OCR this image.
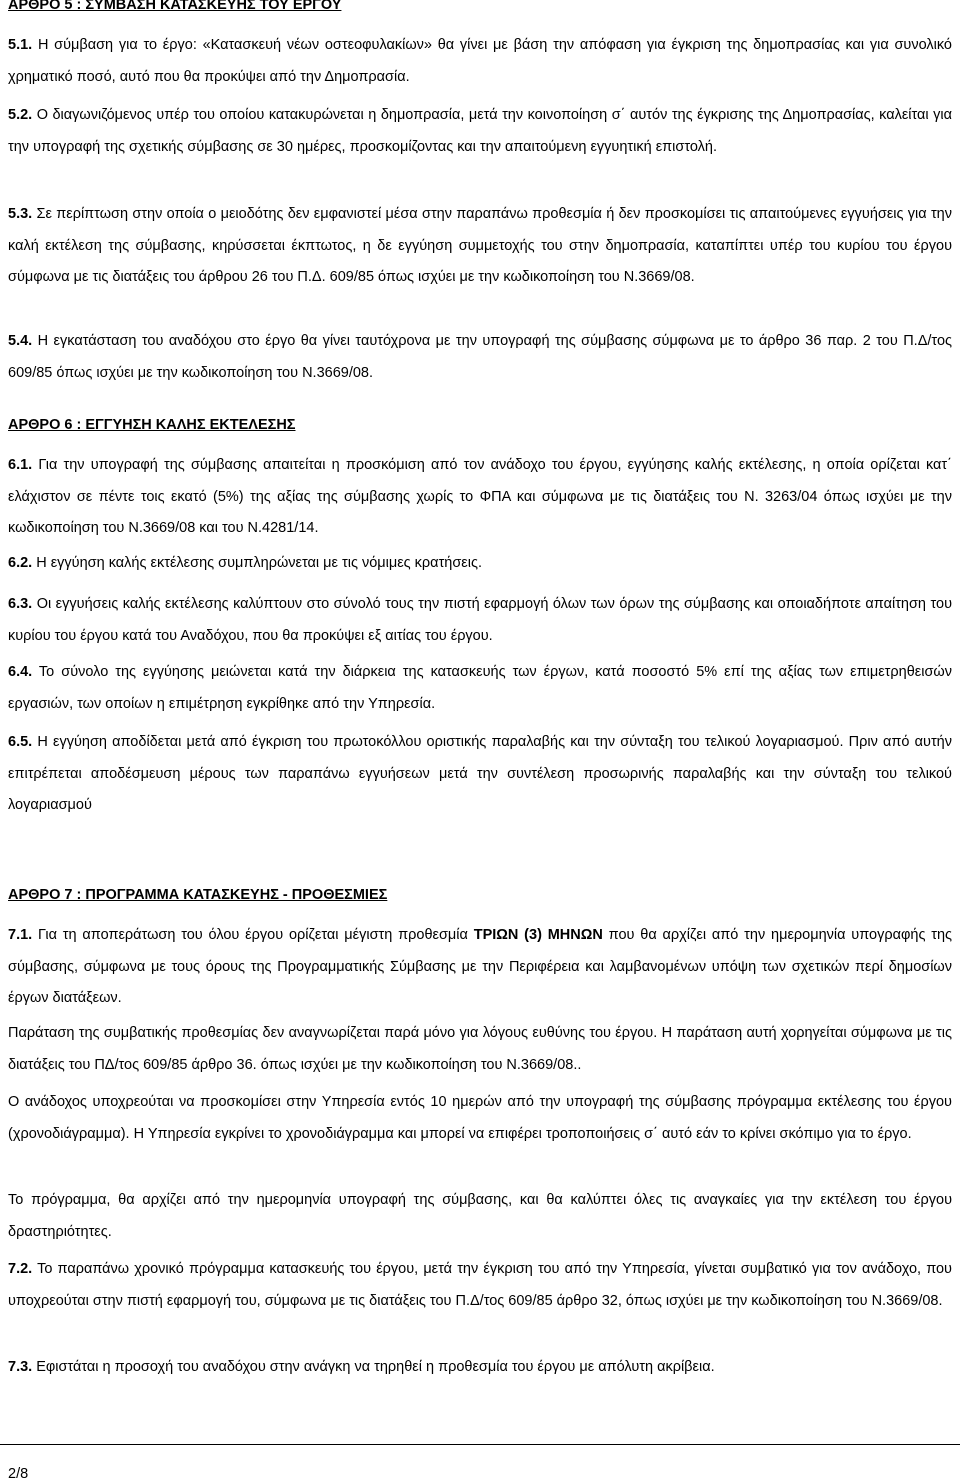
ΑΡΘΡΟ 5 : ΣΥΜΒΑΣΗ ΚΑΤΑΣΚΕΥΗΣ ΤΟΥ ΕΡΓΟΥ

5.1. Η σύμβαση για το έργο: «Κατασκευή νέων οστεοφυλακίων» θα γίνει με βάση την απόφαση για έγκριση της δημοπρασίας και για συνολικό χρηματικό ποσό, αυτό που θα προκύψει από την Δημοπρασία.

5.2. Ο διαγωνιζόμενος υπέρ του οποίου κατακυρώνεται η δημοπρασία, μετά την κοινοποίηση σ΄ αυτόν της έγκρισης της Δημοπρασίας, καλείται για την υπογραφή της σχετικής σύμβασης σε 30 ημέρες, προσκομίζοντας και την απαιτούμενη εγγυητική επιστολή.

5.3. Σε περίπτωση στην οποία ο μειοδότης δεν εμφανιστεί μέσα στην παραπάνω προθεσμία ή δεν προσκομίσει τις απαιτούμενες εγγυήσεις για την καλή εκτέλεση της σύμβασης, κηρύσσεται έκπτωτος, η δε εγγύηση συμμετοχής του στην δημοπρασία, καταπίπτει υπέρ του κυρίου του έργου σύμφωνα με τις διατάξεις του άρθρου 26 του Π.Δ. 609/85 όπως ισχύει με την κωδικοποίηση του Ν.3669/08.

5.4. Η εγκατάσταση του αναδόχου στο έργο θα γίνει ταυτόχρονα με την υπογραφή της σύμβασης σύμφωνα με το άρθρο 36 παρ. 2 του Π.Δ/τος 609/85 όπως ισχύει με την κωδικοποίηση του Ν.3669/08.

ΑΡΘΡΟ 6 : ΕΓΓΥΗΣΗ ΚΑΛΗΣ ΕΚΤΕΛΕΣΗΣ

6.1. Για την υπογραφή της σύμβασης απαιτείται η προσκόμιση από τον ανάδοχο του έργου, εγγύησης καλής εκτέλεσης, η οποία ορίζεται κατ΄ ελάχιστον σε πέντε τοις εκατό (5%) της αξίας της σύμβασης χωρίς το ΦΠΑ και σύμφωνα με τις διατάξεις του Ν. 3263/04 όπως ισχύει με την κωδικοποίηση του Ν.3669/08 και του Ν.4281/14.

6.2. Η εγγύηση καλής εκτέλεσης συμπληρώνεται με τις νόμιμες κρατήσεις.

6.3. Οι εγγυήσεις καλής εκτέλεσης καλύπτουν στο σύνολό τους την πιστή εφαρμογή όλων των όρων της σύμβασης και οποιαδήποτε απαίτηση του κυρίου του έργου κατά του Αναδόχου, που θα προκύψει εξ αιτίας του έργου.

6.4. Το σύνολο της εγγύησης μειώνεται κατά την διάρκεια της κατασκευής των έργων, κατά ποσοστό 5% επί της αξίας των επιμετρηθεισών εργασιών, των οποίων η επιμέτρηση εγκρίθηκε από την Υπηρεσία.

6.5. Η εγγύηση αποδίδεται μετά από έγκριση του πρωτοκόλλου οριστικής παραλαβής και την σύνταξη του τελικού λογαριασμού. Πριν από αυτήν επιτρέπεται αποδέσμευση μέρους των παραπάνω εγγυήσεων μετά την συντέλεση προσωρινής παραλαβής και την σύνταξη του τελικού λογαριασμού

ΑΡΘΡΟ 7 : ΠΡΟΓΡΑΜΜΑ ΚΑΤΑΣΚΕΥΗΣ - ΠΡΟΘΕΣΜΙΕΣ

7.1. Για τη αποπεράτωση του όλου έργου ορίζεται μέγιστη προθεσμία ΤΡΙΩΝ (3) ΜΗΝΩΝ που θα αρχίζει από την ημερομηνία υπογραφής της σύμβασης, σύμφωνα με τους όρους της Προγραμματικής Σύμβασης με την Περιφέρεια και λαμβανομένων υπόψη των σχετικών περί δημοσίων έργων διατάξεων.

Παράταση της συμβατικής προθεσμίας δεν αναγνωρίζεται παρά μόνο για λόγους ευθύνης του έργου. Η παράταση αυτή χορηγείται σύμφωνα με τις διατάξεις του ΠΔ/τος 609/85 άρθρο 36. όπως ισχύει με την κωδικοποίηση του Ν.3669/08..

Ο ανάδοχος υποχρεούται να προσκομίσει στην Υπηρεσία εντός 10 ημερών από την υπογραφή της σύμβασης πρόγραμμα εκτέλεσης του έργου (χρονοδιάγραμμα). Η Υπηρεσία εγκρίνει το χρονοδιάγραμμα και μπορεί να επιφέρει τροποποιήσεις σ΄ αυτό εάν το κρίνει σκόπιμο για το έργο.

Το πρόγραμμα, θα αρχίζει από την ημερομηνία υπογραφή της σύμβασης, και θα καλύπτει όλες τις αναγκαίες για την εκτέλεση του έργου δραστηριότητες.

7.2. Το παραπάνω χρονικό πρόγραμμα κατασκευής του έργου, μετά την έγκριση του από την Υπηρεσία, γίνεται συμβατικό για τον ανάδοχο, που υποχρεούται στην πιστή εφαρμογή του, σύμφωνα με τις διατάξεις του Π.Δ/τος 609/85 άρθρο 32, όπως ισχύει με την κωδικοποίηση του Ν.3669/08.

7.3. Εφιστάται η προσοχή του αναδόχου στην ανάγκη να τηρηθεί η προθεσμία του έργου με απόλυτη ακρίβεια.

2/8
